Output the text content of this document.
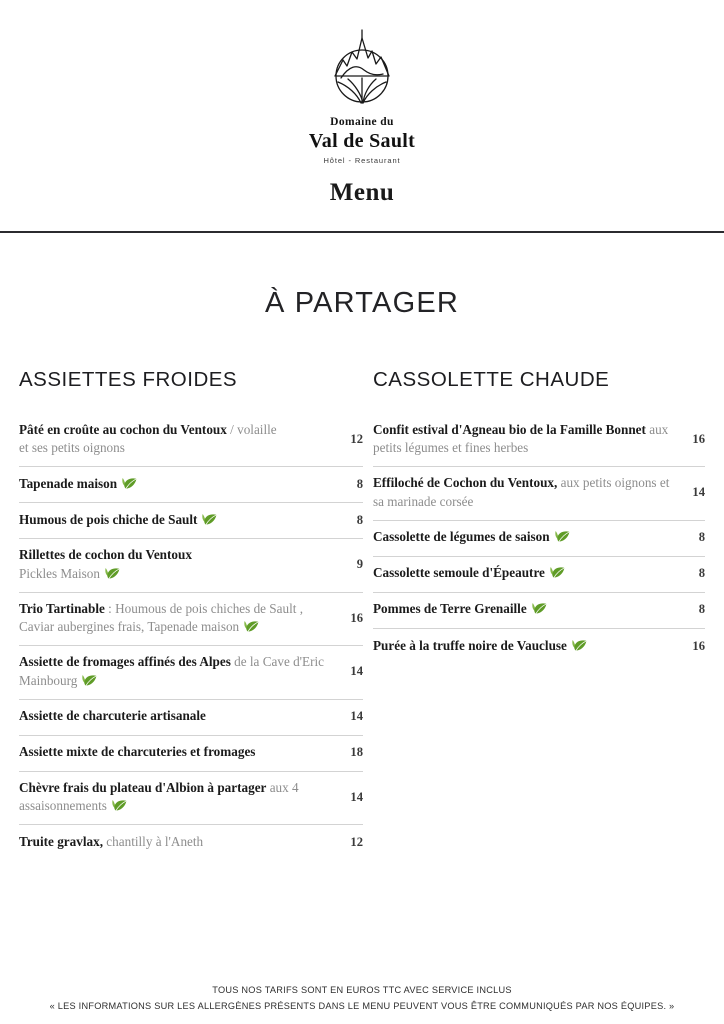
Domaine du
Val de Sault
Hôtel - Restaurant
Menu
À PARTAGER
ASSIETTES FROIDES
Pâté en croûte au cochon du Ventoux / volaille
et ses petits oignons
12
Tapenade maison	8
Humous de pois chiche de Sault	8
Rillettes de cochon du Ventoux
Pickles Maison
9
Trio Tartinable : Houmous de pois chiches de Sault , Caviar aubergines frais, Tapenade maison
16
Assiette de fromages affinés des Alpes de la Cave d'Eric Mainbourg
14
Assiette de charcuterie artisanale	14
Assiette mixte de charcuteries et fromages	18
Chèvre frais du plateau d'Albion à partager aux 4 assaisonnements
14
Truite gravlax, chantilly à l'Aneth	12
CASSOLETTE CHAUDE
Confit estival d'Agneau bio de la Famille Bonnet aux petits légumes et fines herbes
16
Effiloché de Cochon du Ventoux, aux petits oignons et sa marinade corsée
14
Cassolette de légumes de saison	8
Cassolette semoule d'Épeautre	8
Pommes de Terre Grenaille	8
Purée à la truffe noire de Vaucluse	16
TOUS NOS TARIFS SONT EN EUROS TTC AVEC SERVICE INCLUS
« LES INFORMATIONS SUR LES ALLERGÈNES PRÉSENTS DANS LE MENU PEUVENT VOUS ÊTRE COMMUNIQUÉS PAR NOS ÉQUIPES. »
